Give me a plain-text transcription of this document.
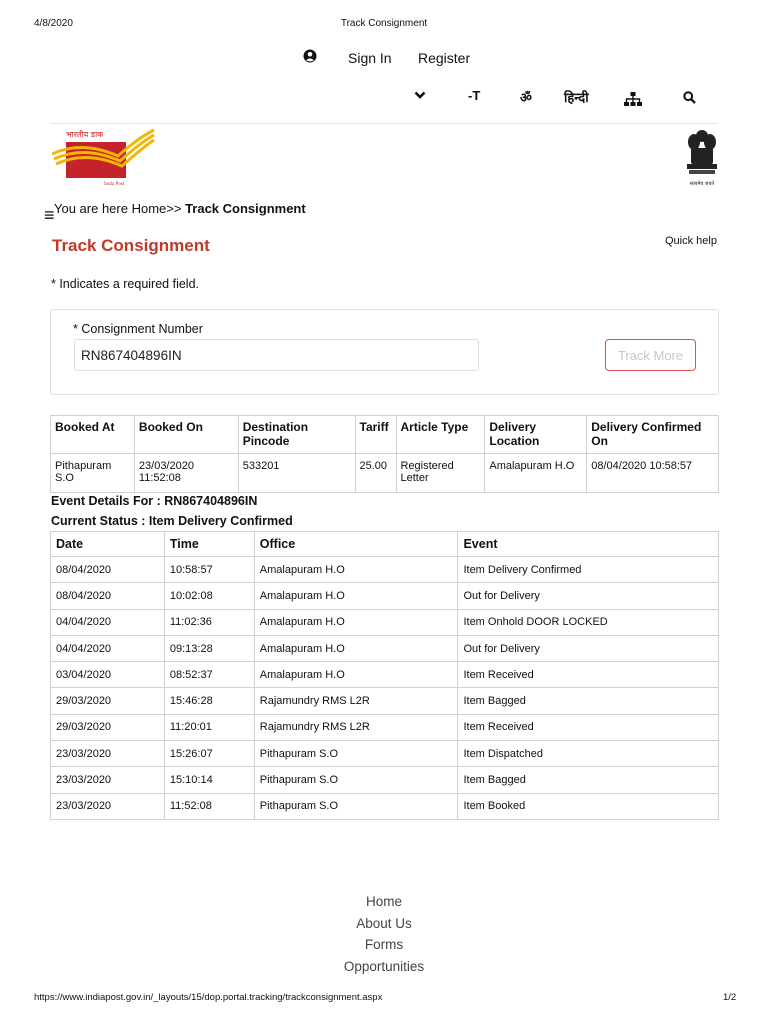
4/8/2020	Track Consignment
Sign In Register
-T	ॐ हिन्दी
भारतीय डाक
India Post	सत्यमेव जयते
≡ You are here Home>> Track Consignment
Track Consignment	Quick help
* Indicates a required field.
* Consignment Number
RN867404896IN
Track More
Booked At	Booked On	Destination Pincode	Tariff	Article Type	Delivery Location	Delivery Confirmed On
Pithapuram S.O	23/03/2020 11:52:08	533201	25.00	Registered Letter	Amalapuram H.O	08/04/2020 10:58:57
Event Details For : RN867404896IN
Current Status : Item Delivery Confirmed
Date	Time	Office	Event
08/04/2020	10:58:57	Amalapuram H.O	Item Delivery Confirmed
08/04/2020	10:02:08	Amalapuram H.O	Out for Delivery
04/04/2020	11:02:36	Amalapuram H.O	Item Onhold DOOR LOCKED
04/04/2020	09:13:28	Amalapuram H.O	Out for Delivery
03/04/2020	08:52:37	Amalapuram H.O	Item Received
29/03/2020	15:46:28	Rajamundry RMS L2R	Item Bagged
29/03/2020	11:20:01	Rajamundry RMS L2R	Item Received
23/03/2020	15:26:07	Pithapuram S.O	Item Dispatched
23/03/2020	15:10:14	Pithapuram S.O	Item Bagged
23/03/2020	11:52:08	Pithapuram S.O	Item Booked
Home
About Us
Forms
Opportunities
https://www.indiapost.gov.in/_layouts/15/dop.portal.tracking/trackconsignment.aspx	1/2
